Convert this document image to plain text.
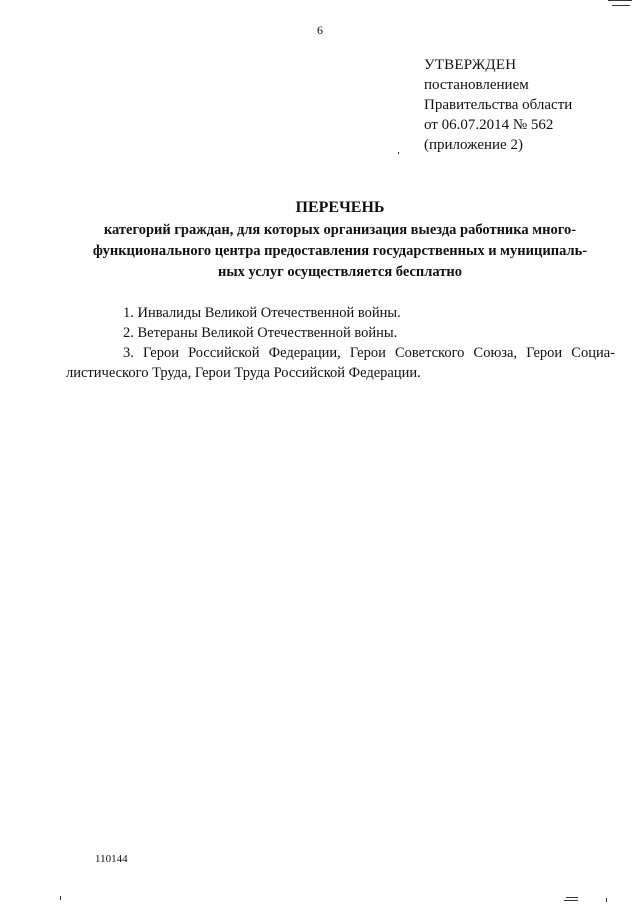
6
УТВЕРЖДЕН
постановлением
Правительства области
от 06.07.2014 № 562
(приложение 2)
ПЕРЕЧЕНЬ
категорий граждан, для которых организация выезда работника много-
функционального центра предоставления государственных и муниципаль-
ных услуг осуществляется бесплатно
1. Инвалиды Великой Отечественной войны.
2. Ветераны Великой Отечественной войны.
3. Герои Российской Федерации, Герои Советского Союза, Герои Социа-
листического Труда, Герои Труда Российской Федерации.
110144
